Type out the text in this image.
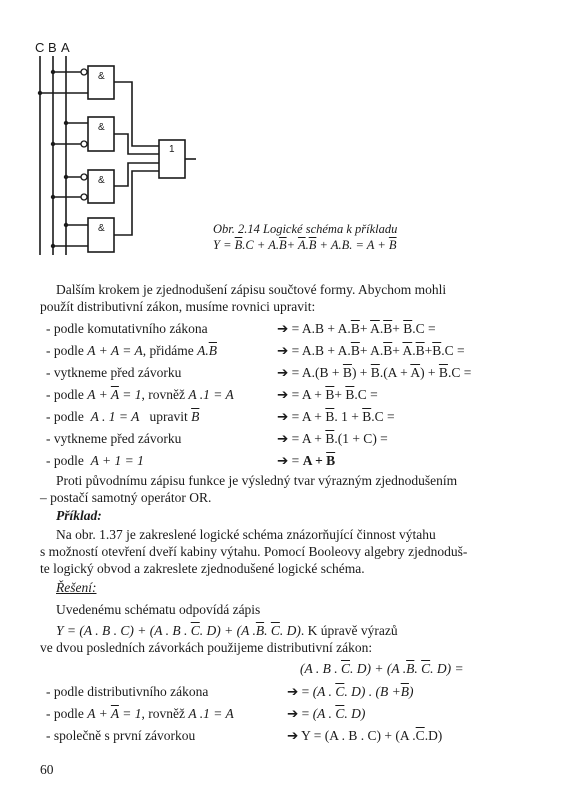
C B A
&
&
&
&
1
Obr. 2.14 Logické schéma k příkladu
$Y = \overline{B}.C + A.\overline{B}+ \overline{A}.\overline{B} + A.B$. = $A + \overline{B}$
Dalším krokem je zjednodušení zápisu součtové formy. Abychom mohli
použít distributivní zákon, musíme rovnici upravit:
- podle komutativního zákona	➔ = $A.B + A.\overline{B}+ \overline{A}.\overline{B}+ \overline{B}.C$ =
- podle A + A = A, přidáme $A.\overline{B}$	➔ = $A.B + A.\overline{B}+ A.\overline{B}+ \overline{A}.\overline{B}+\overline{B}.C$ =
- vytkneme před závorku	➔ = $A.(B + \overline{B}) + \overline{B}.(A + \overline{A}) + \overline{B}.C$ =
- podle $A + \overline{A} = 1$, rovněž A .1 = A	➔ = $A + \overline{B}+ \overline{B}.C$ =
- podle A . 1 = A upravit $\overline{B}$	➔ = $A + \overline{B}$. $1 + \overline{B}.C$ =
- vytkneme před závorku	➔ = $A + \overline{B}.(1 + C)$ =
- podle A + 1 = 1	➔ = $A + \overline{B}$
Proti původnímu zápisu funkce je výsledný tvar výrazným zjednodušením
– postačí samotný operátor OR.
Příklad:
Na obr. 1.37 je zakreslené logické schéma znázorňující činnost výtahu
s možností otevření dveří kabiny výtahu. Pomocí Booleovy algebry zjednoduš-
te logický obvod a zakreslete zjednodušené logické schéma.
Řešení:
Uvedenému schématu odpovídá zápis
Y = (A . B . C) + (A . B . $\overline{C}$. D) + (A $.\overline{B}$. $\overline{C}$. D). K úpravě výrazů
ve dvou posledních závorkách použijeme distributivní zákon:
(A . B . $\overline{C}$. D) + (A $.\overline{B}$. $\overline{C}$. D) =
- podle distributivního zákona	➔ = (A . $\overline{C}$. D) . $(B +\overline{B})$
- podle $A + \overline{A} = 1$, rovněž A .1 = A	➔ = (A . $\overline{C}$. D)
- společně s první závorkou	➔ Y = (A . B . C) + (A $.\overline{C}.D$)
60
